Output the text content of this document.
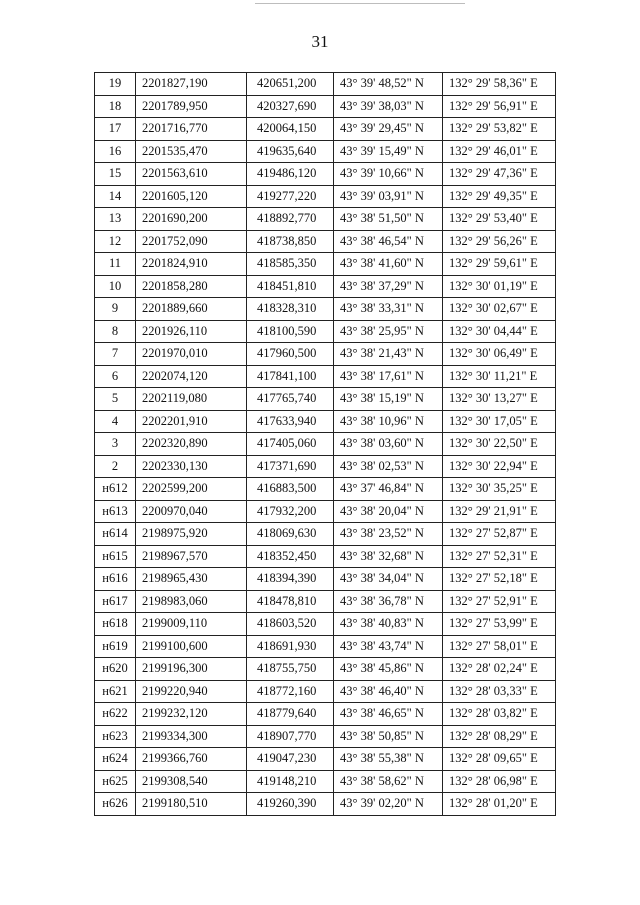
31
19	2201827,190	420651,200	43° 39' 48,52" N	132° 29' 58,36" E
18	2201789,950	420327,690	43° 39' 38,03" N	132° 29' 56,91" E
17	2201716,770	420064,150	43° 39' 29,45" N	132° 29' 53,82" E
16	2201535,470	419635,640	43° 39' 15,49" N	132° 29' 46,01" E
15	2201563,610	419486,120	43° 39' 10,66" N	132° 29' 47,36" E
14	2201605,120	419277,220	43° 39' 03,91" N	132° 29' 49,35" E
13	2201690,200	418892,770	43° 38' 51,50" N	132° 29' 53,40" E
12	2201752,090	418738,850	43° 38' 46,54" N	132° 29' 56,26" E
11	2201824,910	418585,350	43° 38' 41,60" N	132° 29' 59,61" E
10	2201858,280	418451,810	43° 38' 37,29" N	132° 30' 01,19" E
9	2201889,660	418328,310	43° 38' 33,31" N	132° 30' 02,67" E
8	2201926,110	418100,590	43° 38' 25,95" N	132° 30' 04,44" E
7	2201970,010	417960,500	43° 38' 21,43" N	132° 30' 06,49" E
6	2202074,120	417841,100	43° 38' 17,61" N	132° 30' 11,21" E
5	2202119,080	417765,740	43° 38' 15,19" N	132° 30' 13,27" E
4	2202201,910	417633,940	43° 38' 10,96" N	132° 30' 17,05" E
3	2202320,890	417405,060	43° 38' 03,60" N	132° 30' 22,50" E
2	2202330,130	417371,690	43° 38' 02,53" N	132° 30' 22,94" E
н612	2202599,200	416883,500	43° 37' 46,84" N	132° 30' 35,25" E
н613	2200970,040	417932,200	43° 38' 20,04" N	132° 29' 21,91" E
н614	2198975,920	418069,630	43° 38' 23,52" N	132° 27' 52,87" E
н615	2198967,570	418352,450	43° 38' 32,68" N	132° 27' 52,31" E
н616	2198965,430	418394,390	43° 38' 34,04" N	132° 27' 52,18" E
н617	2198983,060	418478,810	43° 38' 36,78" N	132° 27' 52,91" E
н618	2199009,110	418603,520	43° 38' 40,83" N	132° 27' 53,99" E
н619	2199100,600	418691,930	43° 38' 43,74" N	132° 27' 58,01" E
н620	2199196,300	418755,750	43° 38' 45,86" N	132° 28' 02,24" E
н621	2199220,940	418772,160	43° 38' 46,40" N	132° 28' 03,33" E
н622	2199232,120	418779,640	43° 38' 46,65" N	132° 28' 03,82" E
н623	2199334,300	418907,770	43° 38' 50,85" N	132° 28' 08,29" E
н624	2199366,760	419047,230	43° 38' 55,38" N	132° 28' 09,65" E
н625	2199308,540	419148,210	43° 38' 58,62" N	132° 28' 06,98" E
н626	2199180,510	419260,390	43° 39' 02,20" N	132° 28' 01,20" E
